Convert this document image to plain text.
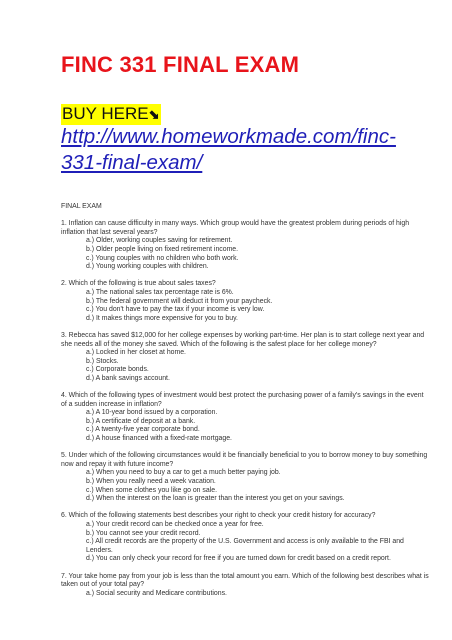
FINC 331 FINAL EXAM
BUY HERE⬊
http://www.homeworkmade.com/finc-331-final-exam/
FINAL EXAM
1. Inflation can cause difficulty in many ways. Which group would have the greatest problem during periods of high inflation that last several years?
a.) Older, working couples saving for retirement.
b.) Older people living on fixed retirement income.
c.) Young couples with no children who both work.
d.) Young working couples with children.
2. Which of the following is true about sales taxes?
a.) The national sales tax percentage rate is 6%.
b.) The federal government will deduct it from your paycheck.
c.) You don't have to pay the tax if your income is very low.
d.) It makes things more expensive for you to buy.
3. Rebecca has saved $12,000 for her college expenses by working part-time. Her plan is to start college next year and she needs all of the money she saved. Which of the following is the safest place for her college money?
a.) Locked in her closet at home.
b.) Stocks.
c.) Corporate bonds.
d.) A bank savings account.
4. Which of the following types of investment would best protect the purchasing power of a family's savings in the event of a sudden increase in inflation?
a.) A 10-year bond issued by a corporation.
b.) A certificate of deposit at a bank.
c.) A twenty-five year corporate bond.
d.) A house financed with a fixed-rate mortgage.
5. Under which of the following circumstances would it be financially beneficial to you to borrow money to buy something now and repay it with future income?
a.) When you need to buy a car to get a much better paying job.
b.) When you really need a week vacation.
c.) When some clothes you like go on sale.
d.) When the interest on the loan is greater than the interest you get on your savings.
6. Which of the following statements best describes your right to check your credit history for accuracy?
a.) Your credit record can be checked once a year for free.
b.) You cannot see your credit record.
c.) All credit records are the property of the U.S. Government and access is only available to the FBI and Lenders.
d.) You can only check your record for free if you are turned down for credit based on a credit report.
7. Your take home pay from your job is less than the total amount you earn. Which of the following best describes what is taken out of your total pay?
a.) Social security and Medicare contributions.
